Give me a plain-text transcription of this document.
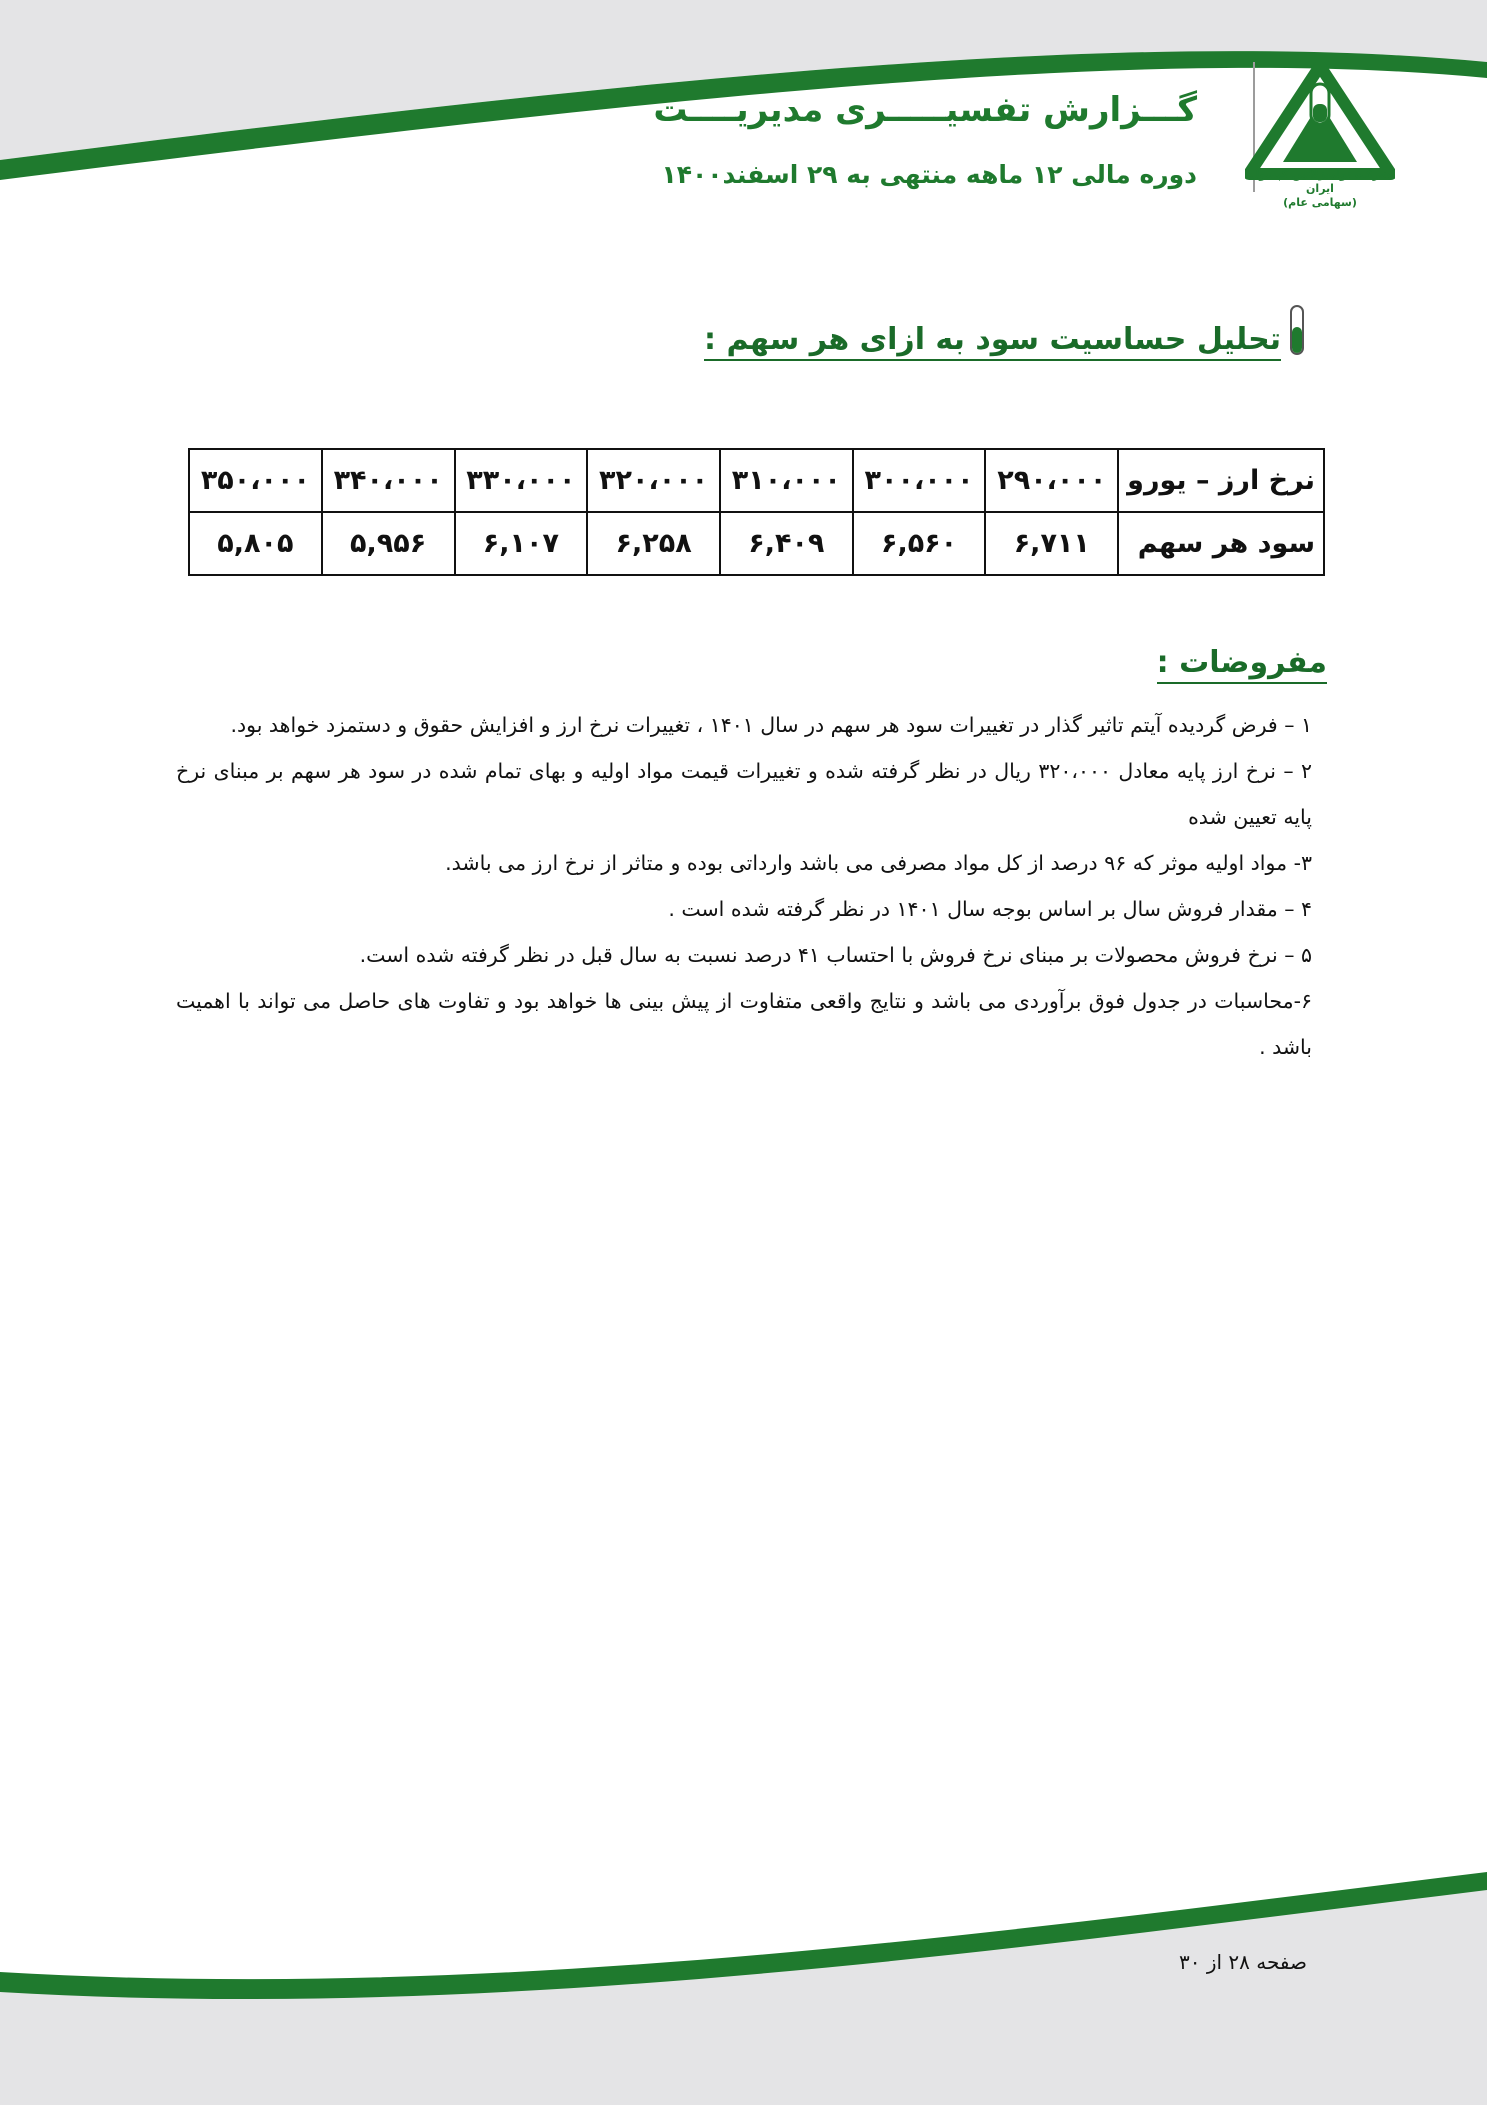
گـــزارش تفسيـــــری مدیریــــت
دوره مالی ۱۲ ماهه منتهی به ۲۹ اسفند۱۴۰۰	شرکت تولیدژلاتین کپسول ایران
(سهامی عام)
تحلیل حساسیت سود به ازای هر سهم :
نرخ ارز – یورو	۲۹۰،۰۰۰	۳۰۰،۰۰۰	۳۱۰،۰۰۰	۳۲۰،۰۰۰	۳۳۰،۰۰۰	۳۴۰،۰۰۰	۳۵۰،۰۰۰
سود هر سهم	۶,۷۱۱	۶,۵۶۰	۶,۴۰۹	۶,۲۵۸	۶,۱۰۷	۵,۹۵۶	۵,۸۰۵
مفروضات :

۱ – فرض گردیده آیتم تاثیر گذار در تغییرات سود هر سهم در سال ۱۴۰۱ ، تغییرات نرخ ارز و افزایش حقوق و دستمزد خواهد بود.

۲ – نرخ ارز پایه معادل ۳۲۰،۰۰۰ ریال در نظر گرفته شده و تغییرات قیمت مواد اولیه و بهای تمام شده در سود هر سهم بر مبنای نرخ پایه تعیین شده

۳- مواد اولیه موثر که ۹۶ درصد از کل مواد مصرفی می باشد وارداتی بوده و متاثر از نرخ ارز می باشد.

۴ – مقدار فروش سال بر اساس بوجه سال ۱۴۰۱ در نظر گرفته شده است .

۵ – نرخ فروش محصولات بر مبنای نرخ فروش با احتساب ۴۱ درصد نسبت به سال قبل در نظر گرفته شده است.

۶-محاسبات در جدول فوق برآوردی می باشد و نتایج واقعی متفاوت از پیش بینی ها خواهد بود و تفاوت های حاصل می تواند با اهمیت باشد .

صفحه ۲۸ از ۳۰
